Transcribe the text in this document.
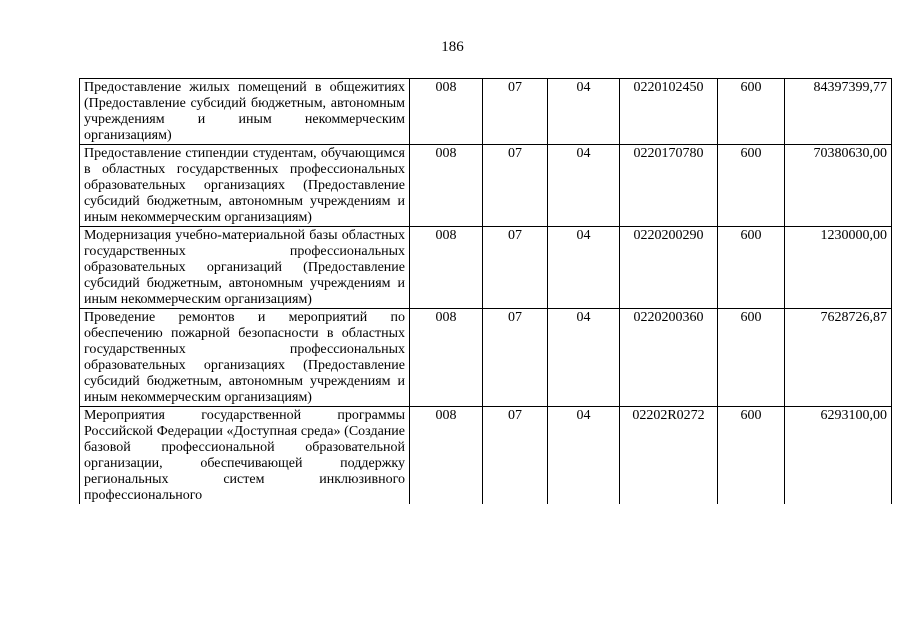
186
Предоставление жилых помещений в общежитиях (Предоставление субсидий бюджетным, автономным учреждениям и иным некоммерческим организациям)	008	07	04	0220102450	600	84397399,77
Предоставление стипендии студентам, обучающимся в областных государственных профессиональных образовательных организациях (Предоставление субсидий бюджетным, автономным учреждениям и иным некоммерческим организациям)	008	07	04	0220170780	600	70380630,00
Модернизация учебно-материальной базы областных государственных профессиональных образовательных организаций (Предоставление субсидий бюджетным, автономным учреждениям и иным некоммерческим организациям)	008	07	04	0220200290	600	1230000,00
Проведение ремонтов и мероприятий по обеспечению пожарной безопасности в областных государственных профессиональных образовательных организациях (Предоставление субсидий бюджетным, автономным учреждениям и иным некоммерческим организациям)	008	07	04	0220200360	600	7628726,87
Мероприятия государственной программы Российской Федерации «Доступная среда» (Создание базовой профессиональной образовательной организации, обеспечивающей поддержку региональных систем инклюзивного профессионального	008	07	04	02202R0272	600	6293100,00
